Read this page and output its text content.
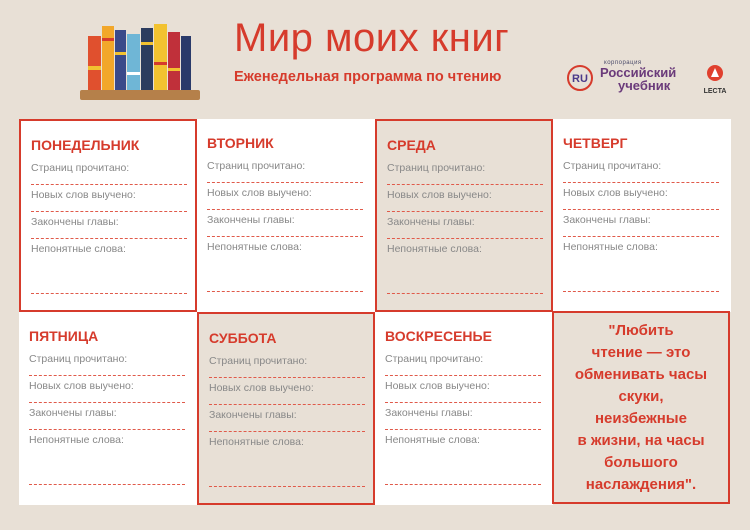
Мир моих книг
Еженедельная программа по чтению	RU
корпорация
Российский
учебник	LECTA
ПОНЕДЕЛЬНИК
Страниц прочитано:
Новых слов выучено:
Закончены главы:
Непонятные слова:
ВТОРНИК
Страниц прочитано:
Новых слов выучено:
Закончены главы:
Непонятные слова:
СРЕДА
Страниц прочитано:
Новых слов выучено:
Закончены главы:
Непонятные слова:
ЧЕТВЕРГ
Страниц прочитано:
Новых слов выучено:
Закончены главы:
Непонятные слова:
ПЯТНИЦА
Страниц прочитано:
Новых слов выучено:
Закончены главы:
Непонятные слова:
СУББОТА
Страниц прочитано:
Новых слов выучено:
Закончены главы:
Непонятные слова:
ВОСКРЕСЕНЬЕ
Страниц прочитано:
Новых слов выучено:
Закончены главы:
Непонятные слова:
"Любить
чтение — это
обменивать часы
скуки,
неизбежные
в жизни, на часы
большого
наслаждения".
